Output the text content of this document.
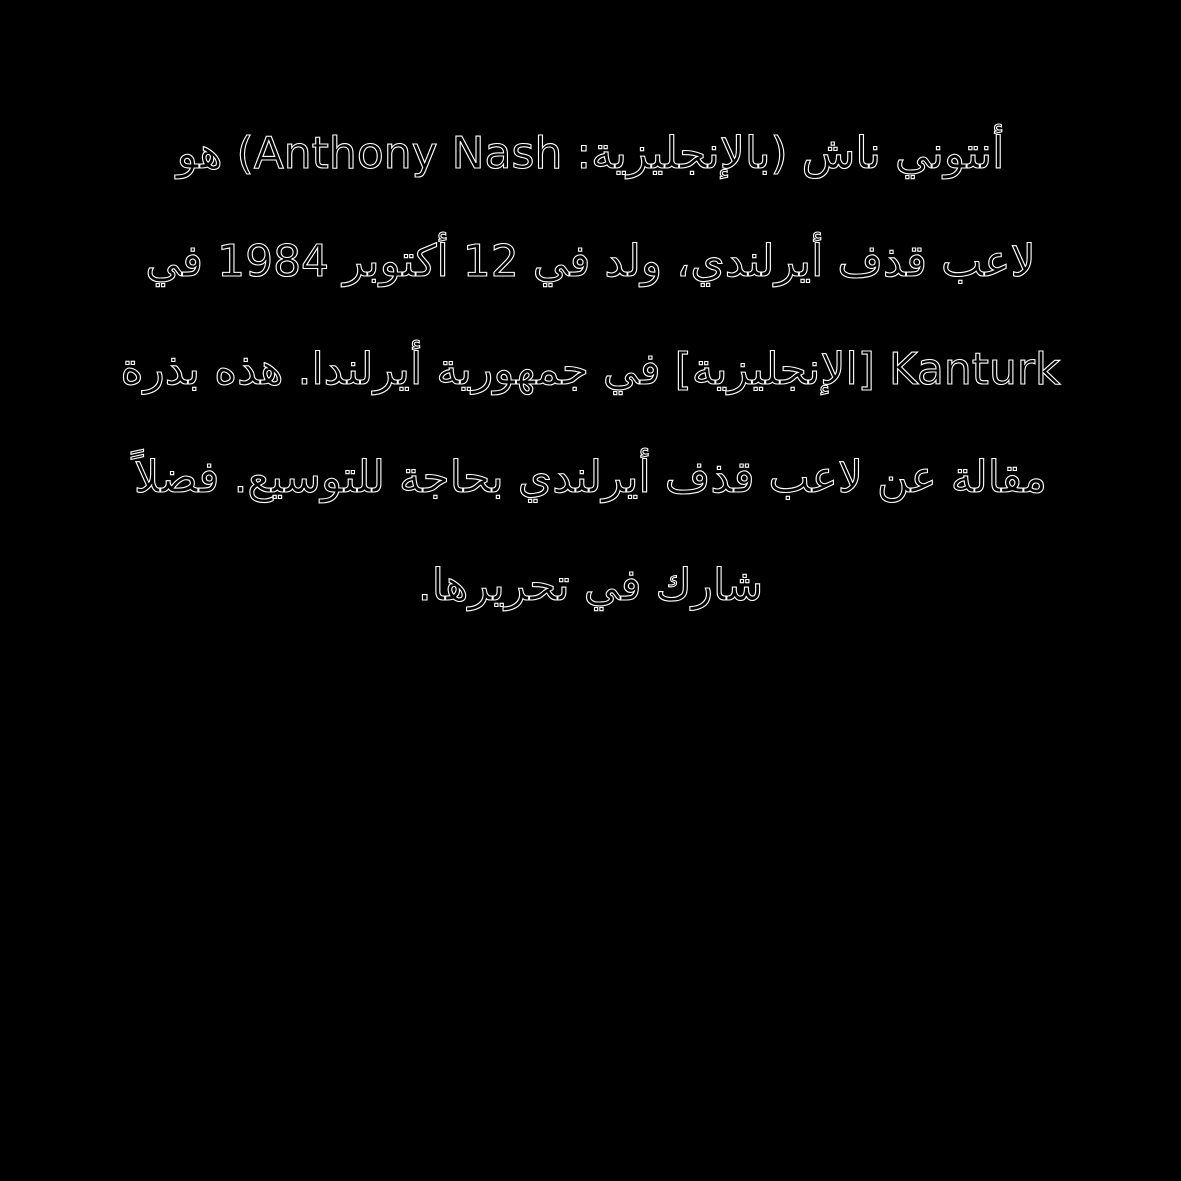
أنتوني ناش (بالإنجليزية: Anthony Nash) هو
لاعب قذف أيرلندي، ولد في 12 أكتوبر 1984 في
Kanturk [الإنجليزية] في جمهورية أيرلندا. هذه بذرة
مقالة عن لاعب قذف أيرلندي بحاجة للتوسيع. فضلاً
شارك في تحريرها.
